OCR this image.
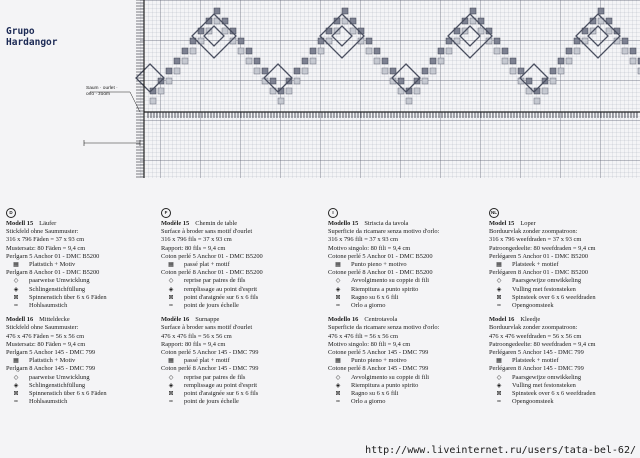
Grupo
Hardangor
Saum · ourlet ·
orlo · zoom
D
Modell 15 Läufer
Stickfeld ohne Saummuster:
316 x 796 Fäden = 37 x 93 cm
Mustersatz: 80 Fäden = 9,4 cm
Perlgarn 5 Anchor 01 - DMC B5200
▦	Plattstich + Motiv
Perlgarn 8 Anchor 01 - DMC B5200
◇	paarweise Umwicklung
◈	Schlingenstichfüllung
⊠	Spinnenstich über 6 x 6 Fäden
╍	Hohlsaumstich
Modell 16 Mitteldecke
Stickfeld ohne Saummuster:
476 x 476 Fäden = 56 x 56 cm
Mustersatz: 80 Fäden = 9,4 cm
Perlgarn 5 Anchor 145 - DMC 799
▦	Plattstich + Motiv
Perlgarn 8 Anchor 145 - DMC 799
◇	paarweise Umwicklung
◈	Schlingenstichfüllung
⊠	Spinnenstich über 6 x 6 Fäden
╍	Hohlsaumstich
F
Modèle 15 Chemin de table
Surface à broder sans motif d'ourlet
316 x 796 fils = 37 x 93 cm
Rapport: 80 fils = 9,4 cm
Coton perlé 5 Anchor 01 - DMC B5200
▦	passé plat + motif
Coton perlé 8 Anchor 01 - DMC B5200
◇	reprise par paires de fils
◈	remplissage au point d'esprit
⊠	point d'araignée sur 6 x 6 fils
╍	point de jours échelle
Modèle 16 Surnappe
Surface à broder sans motif d'ourlet
476 x 476 fils = 56 x 56 cm
Rapport: 80 fils = 9,4 cm
Coton perlé 5 Anchor 145 - DMC 799
▦	passé plat + motif
Coton perlé 8 Anchor 145 - DMC 799
◇	reprise par paires de fils
◈	remplissage au point d'esprit
⊠	point d'araignée sur 6 x 6 fils
╍	point de jours échelle
I
Modello 15 Striscia da tavola
Superficie da ricamare senza motivo d'orlo:
316 x 796 fili = 37 x 93 cm
Motivo singolo: 80 fili = 9,4 cm
Cotone perlé 5 Anchor 01 - DMC B5200
▦	Punto pieno + motivo
Cotone perlé 8 Anchor 01 - DMC B5200
◇	Avvolgimento su coppie di fili
◈	Riempitura a punto spirito
⊠	Ragno su 6 x 6 fili
╍	Orlo a giorno
Modello 16 Centrotavola
Superficie da ricamare senza motivo d'orlo:
476 x 476 fili = 56 x 56 cm
Motivo singolo: 80 fili = 9,4 cm
Cotone perlé 5 Anchor 145 - DMC 799
▦	Punto pieno + motivo
Cotone perlé 8 Anchor 145 - DMC 799
◇	Avvolgimento su coppie di fili
◈	Riempitura a punto spirito
⊠	Ragno su 6 x 6 fili
╍	Orlo a giorno
NL
Model 15 Loper
Borduurvlak zonder zoompatroon:
316 x 796 weefdraden = 37 x 93 cm
Patroongedeelte: 80 weefdraden = 9,4 cm
Perlégaren 5 Anchor 01 - DMC B5200
▦	Platsteek + motief
Perlégaren 8 Anchor 01 - DMC B5200
◇	Paarsgewijze omwikkeling
◈	Vulling met festonsteken
⊠	Spinsteek over 6 x 6 weefdraden
╍	Opengoomsteek
Model 16 Kleedje
Borduurvlak zonder zoompatroon:
476 x 476 weefdraden = 56 x 56 cm
Patroongedeelte: 80 weefdraden = 9,4 cm
Perlégaren 5 Anchor 145 - DMC 799
▦	Platsteek + motief
Perlégaren 8 Anchor 145 - DMC 799
◇	Paarsgewijze omwikkeling
◈	Vulling met festonsteken
⊠	Spinsteek over 6 x 6 weefdraden
╍	Opengoomsteek
http://www.liveinternet.ru/users/tata-bel-62/
